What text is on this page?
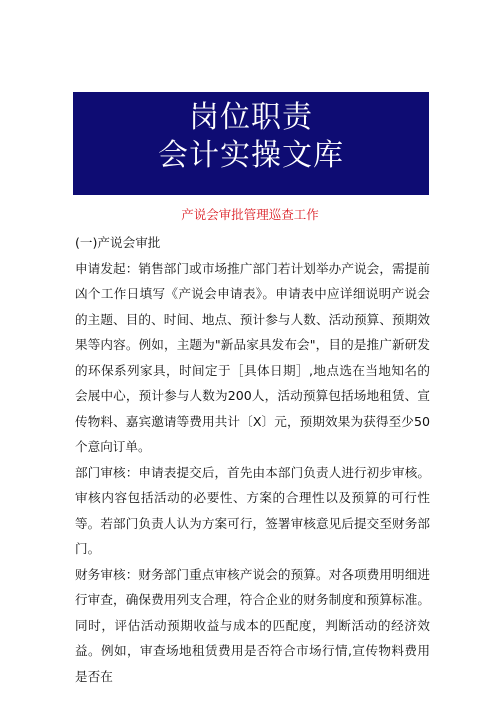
岗位职责
会计实操文库
产说会审批管理巡查工作

(一)产说会审批

申请发起：销售部门或市场推广部门若计划举办产说会，需提前凶个工作日填写《产说会申请表》。申请表中应详细说明产说会的主题、目的、时间、地点、预计参与人数、活动预算、预期效果等内容。例如，主题为"新品家具发布会"，目的是推广新研发的环保系列家具，时间定于［具体日期］,地点选在当地知名的会展中心，预计参与人数为200人，活动预算包括场地租赁、宣传物料、嘉宾邀请等费用共计〔X〕元，预期效果为获得至少50个意向订单。

部门审核：申请表提交后，首先由本部门负责人进行初步审核。审核内容包括活动的必要性、方案的合理性以及预算的可行性等。若部门负责人认为方案可行，签署审核意见后提交至财务部门。

财务审核：财务部门重点审核产说会的预算。对各项费用明细进行审查，确保费用列支合理，符合企业的财务制度和预算标准。同时，评估活动预期收益与成本的匹配度，判断活动的经济效益。例如，审查场地租赁费用是否符合市场行情,宣传物料费用是否在
